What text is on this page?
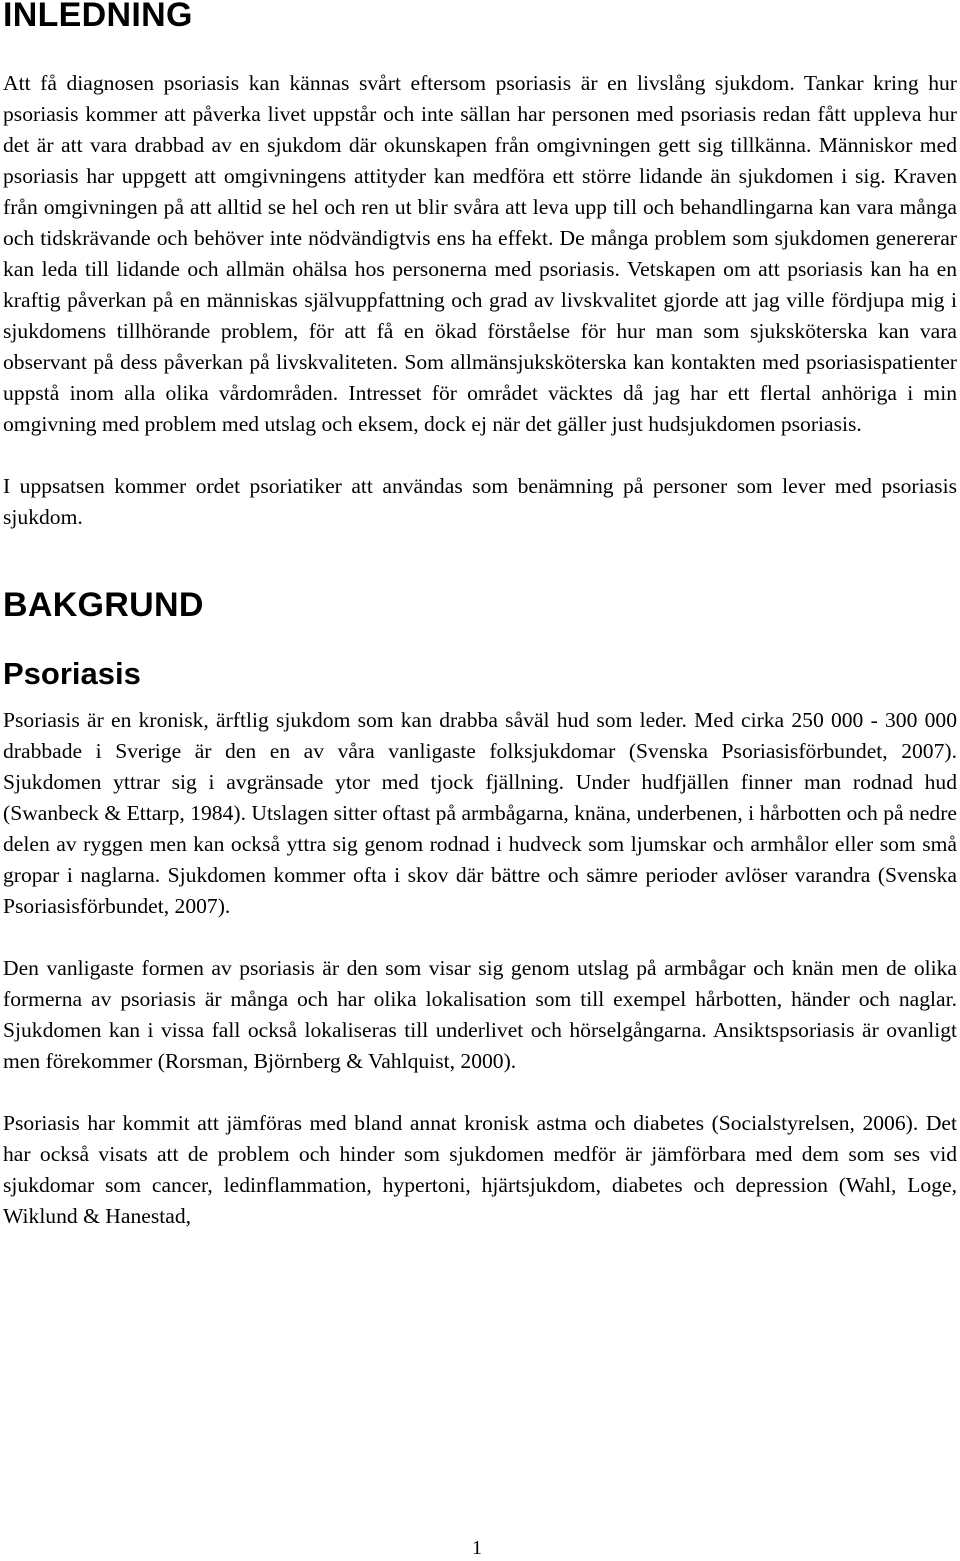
INLEDNING

Att få diagnosen psoriasis kan kännas svårt eftersom psoriasis är en livslång sjukdom. Tankar kring hur psoriasis kommer att påverka livet uppstår och inte sällan har personen med psoriasis redan fått uppleva hur det är att vara drabbad av en sjukdom där okunskapen från omgivningen gett sig tillkänna. Människor med psoriasis har uppgett att omgivningens attityder kan medföra ett större lidande än sjukdomen i sig. Kraven från omgivningen på att alltid se hel och ren ut blir svåra att leva upp till och behandlingarna kan vara många och tidskrävande och behöver inte nödvändigtvis ens ha effekt. De många problem som sjukdomen genererar kan leda till lidande och allmän ohälsa hos personerna med psoriasis. Vetskapen om att psoriasis kan ha en kraftig påverkan på en människas självuppfattning och grad av livskvalitet gjorde att jag ville fördjupa mig i sjukdomens tillhörande problem, för att få en ökad förståelse för hur man som sjuksköterska kan vara observant på dess påverkan på livskvaliteten. Som allmänsjuksköterska kan kontakten med psoriasispatienter uppstå inom alla olika vårdområden. Intresset för området väcktes då jag har ett flertal anhöriga i min omgivning med problem med utslag och eksem, dock ej när det gäller just hudsjukdomen psoriasis.

I uppsatsen kommer ordet psoriatiker att användas som benämning på personer som lever med psoriasis sjukdom.

BAKGRUND
Psoriasis

Psoriasis är en kronisk, ärftlig sjukdom som kan drabba såväl hud som leder. Med cirka 250 000 - 300 000 drabbade i Sverige är den en av våra vanligaste folksjukdomar (Svenska Psoriasisförbundet, 2007). Sjukdomen yttrar sig i avgränsade ytor med tjock fjällning. Under hudfjällen finner man rodnad hud (Swanbeck & Ettarp, 1984). Utslagen sitter oftast på armbågarna, knäna, underbenen, i hårbotten och på nedre delen av ryggen men kan också yttra sig genom rodnad i hudveck som ljumskar och armhålor eller som små gropar i naglarna. Sjukdomen kommer ofta i skov där bättre och sämre perioder avlöser varandra (Svenska Psoriasisförbundet, 2007).

Den vanligaste formen av psoriasis är den som visar sig genom utslag på armbågar och knän men de olika formerna av psoriasis är många och har olika lokalisation som till exempel hårbotten, händer och naglar. Sjukdomen kan i vissa fall också lokaliseras till underlivet och hörselgångarna. Ansiktspsoriasis är ovanligt men förekommer (Rorsman, Björnberg & Vahlquist, 2000).

Psoriasis har kommit att jämföras med bland annat kronisk astma och diabetes (Socialstyrelsen, 2006). Det har också visats att de problem och hinder som sjukdomen medför är jämförbara med dem som ses vid sjukdomar som cancer, ledinflammation, hypertoni, hjärtsjukdom, diabetes och depression (Wahl, Loge, Wiklund & Hanestad,

1
